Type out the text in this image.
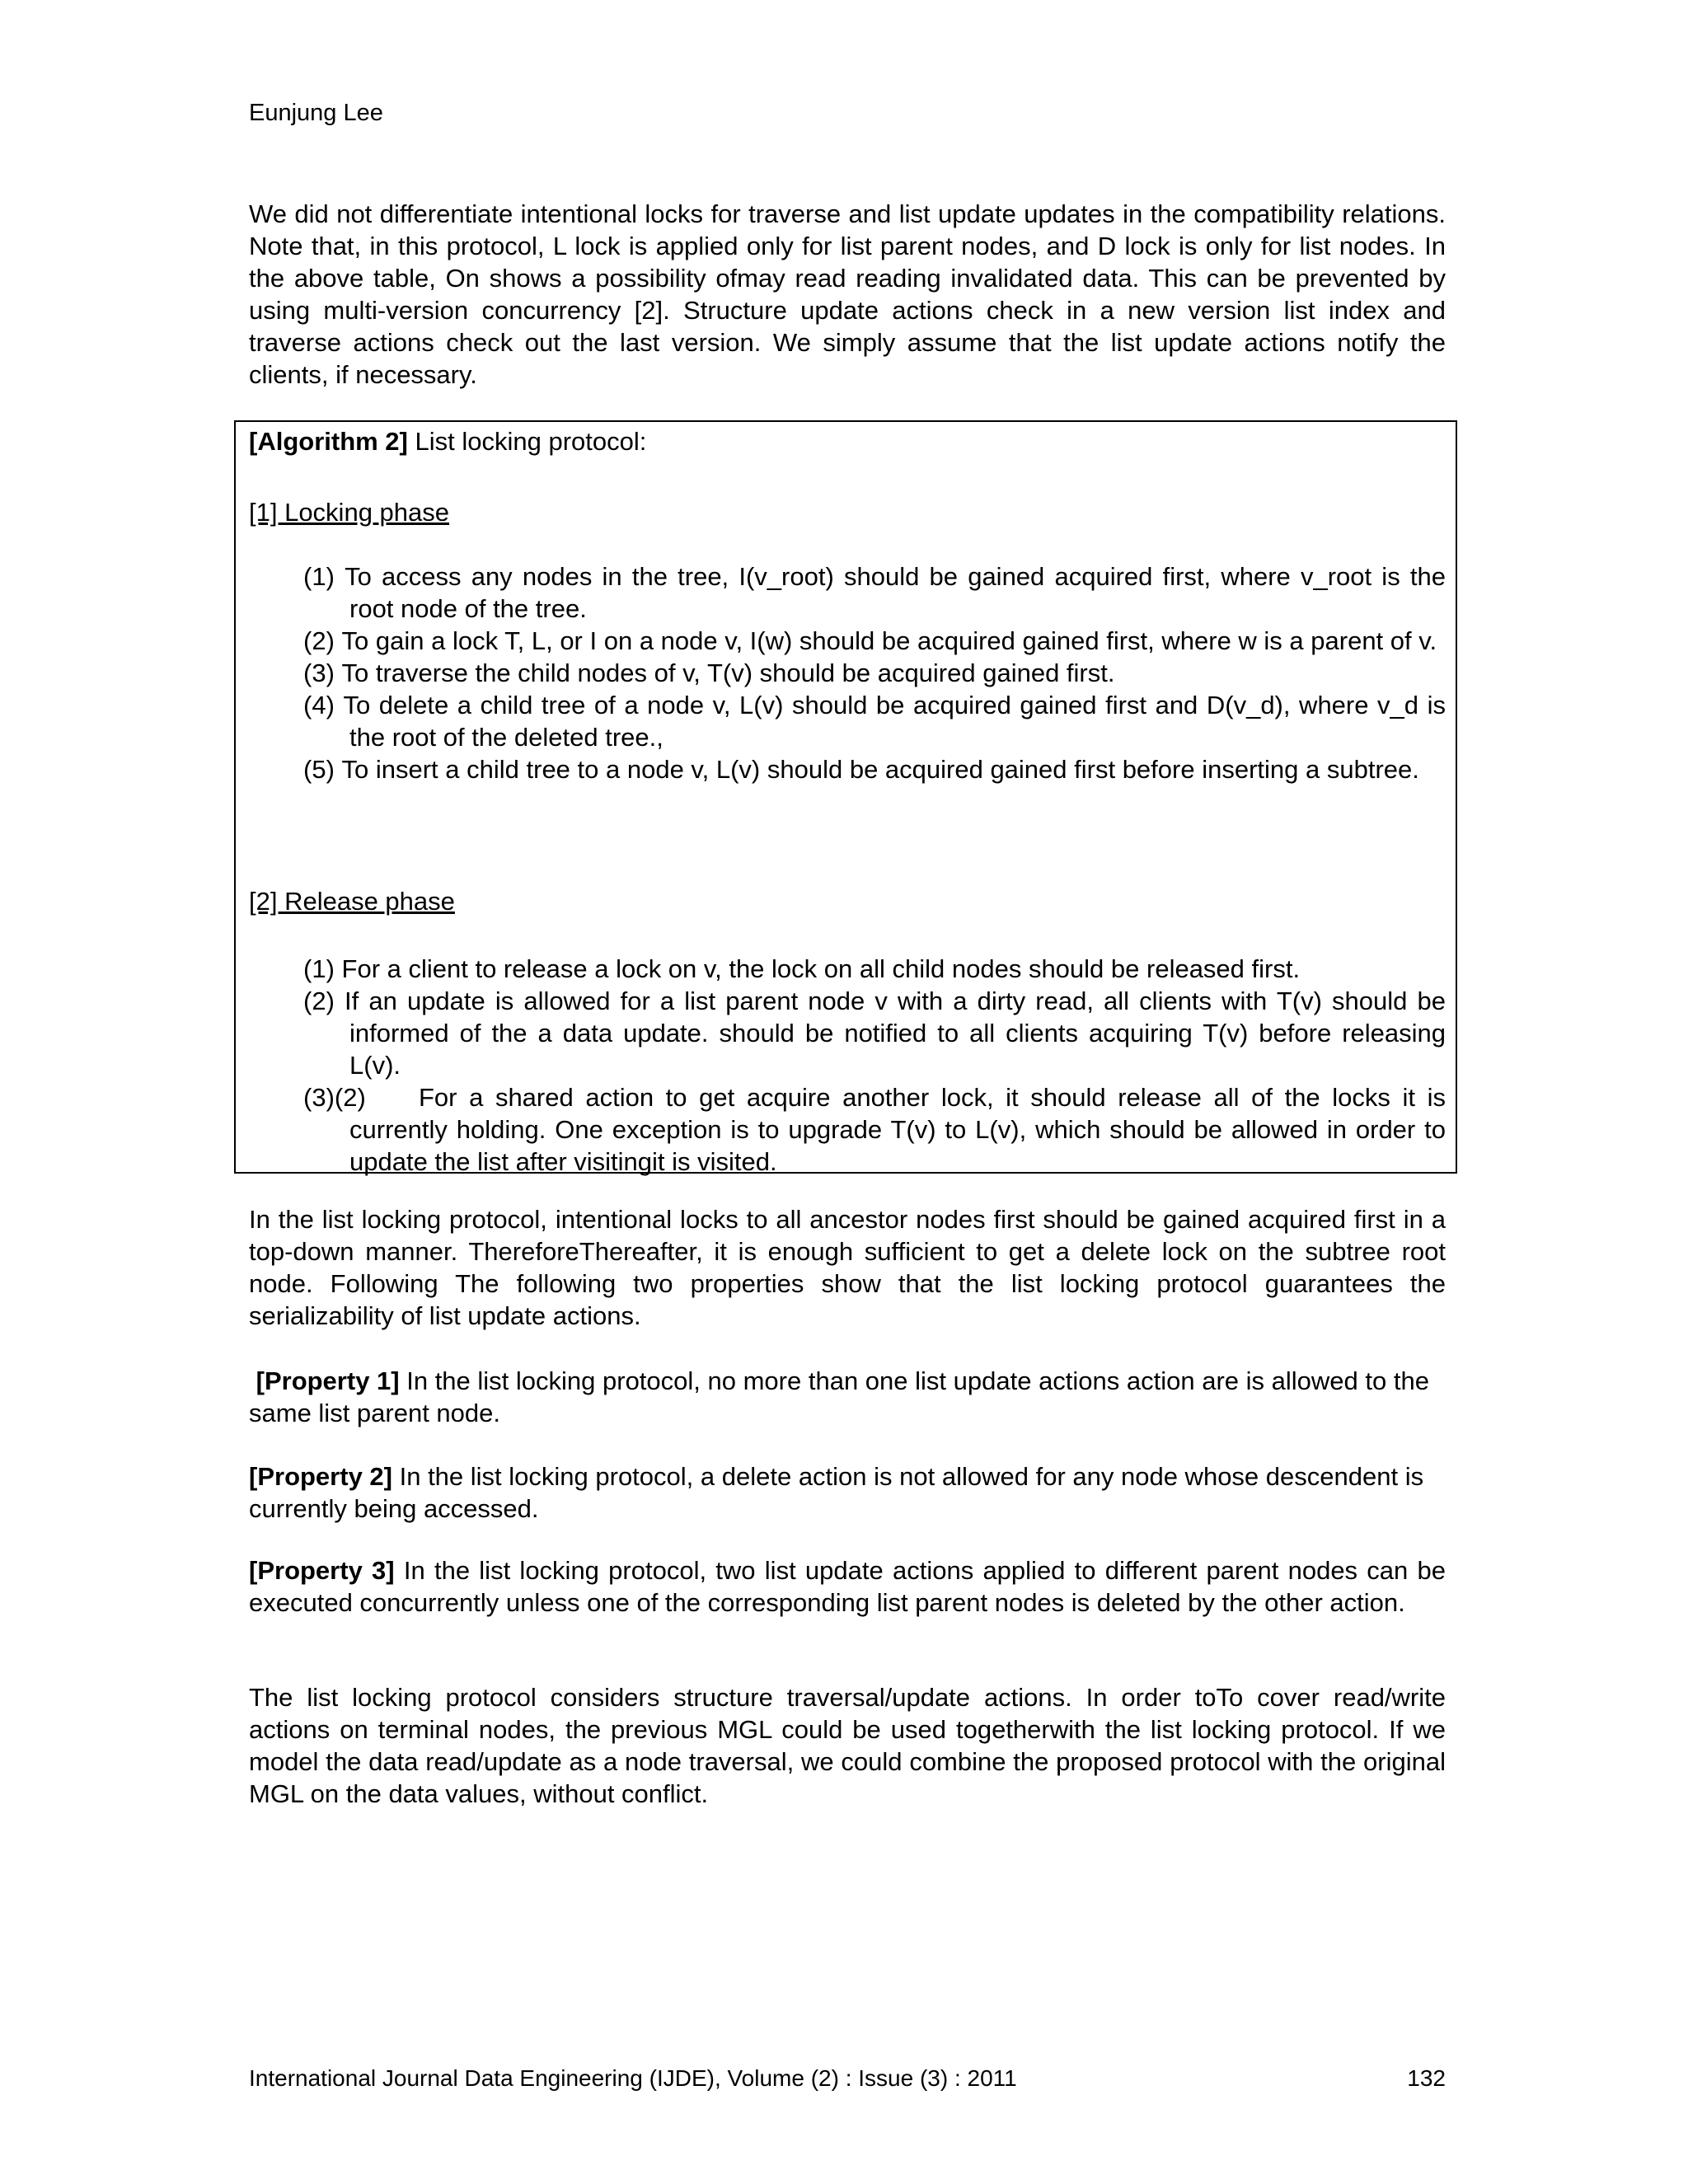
Eunjung Lee

We did not differentiate intentional locks for traverse and list update updates in the compatibility relations. Note that, in this protocol, L lock is applied only for list parent nodes, and D lock is only for list nodes. In the above table, On shows a possibility ofmay read reading invalidated data. This can be prevented by using multi-version concurrency [2]. Structure update actions check in a new version list index and traverse actions check out the last version. We simply assume that the list update actions notify the clients, if necessary.

[Algorithm 2] List locking protocol:
[1] Locking phase
(1) To access any nodes in the tree, I(v_root) should be gained acquired first, where v_root is the root node of the tree.
(2) To gain a lock T, L, or I on a node v, I(w) should be acquired gained first, where w is a parent of v.
(3) To traverse the child nodes of v, T(v) should be acquired gained first.
(4) To delete a child tree of a node v, L(v) should be acquired gained first and D(v_d), where v_d is the root of the deleted tree.,
(5) To insert a child tree to a node v, L(v) should be acquired gained first before inserting a subtree.
[2] Release phase
(1) For a client to release a lock on v, the lock on all child nodes should be released first.
(2) If an update is allowed for a list parent node v with a dirty read, all clients with T(v) should be informed of the a data update. should be notified to all clients acquiring T(v) before releasing L(v).
(3)(2) For a shared action to get acquire another lock, it should release all of the locks it is currently holding. One exception is to upgrade T(v) to L(v), which should be allowed in order to update the list after visitingit is visited.

In the list locking protocol, intentional locks to all ancestor nodes first should be gained acquired first in a top-down manner. ThereforeThereafter, it is enough sufficient to get a delete lock on the subtree root node. Following The following two properties show that the list locking protocol guarantees the serializability of list update actions.

[Property 1] In the list locking protocol, no more than one list update actions action are is allowed to the same list parent node.

[Property 2] In the list locking protocol, a delete action is not allowed for any node whose descendent is currently being accessed.

[Property 3] In the list locking protocol, two list update actions applied to different parent nodes can be executed concurrently unless one of the corresponding list parent nodes is deleted by the other action.

The list locking protocol considers structure traversal/update actions. In order toTo cover read/write actions on terminal nodes, the previous MGL could be used togetherwith the list locking protocol. If we model the data read/update as a node traversal, we could combine the proposed protocol with the original MGL on the data values, without conflict.

International Journal Data Engineering (IJDE), Volume (2) : Issue (3) : 2011	132
